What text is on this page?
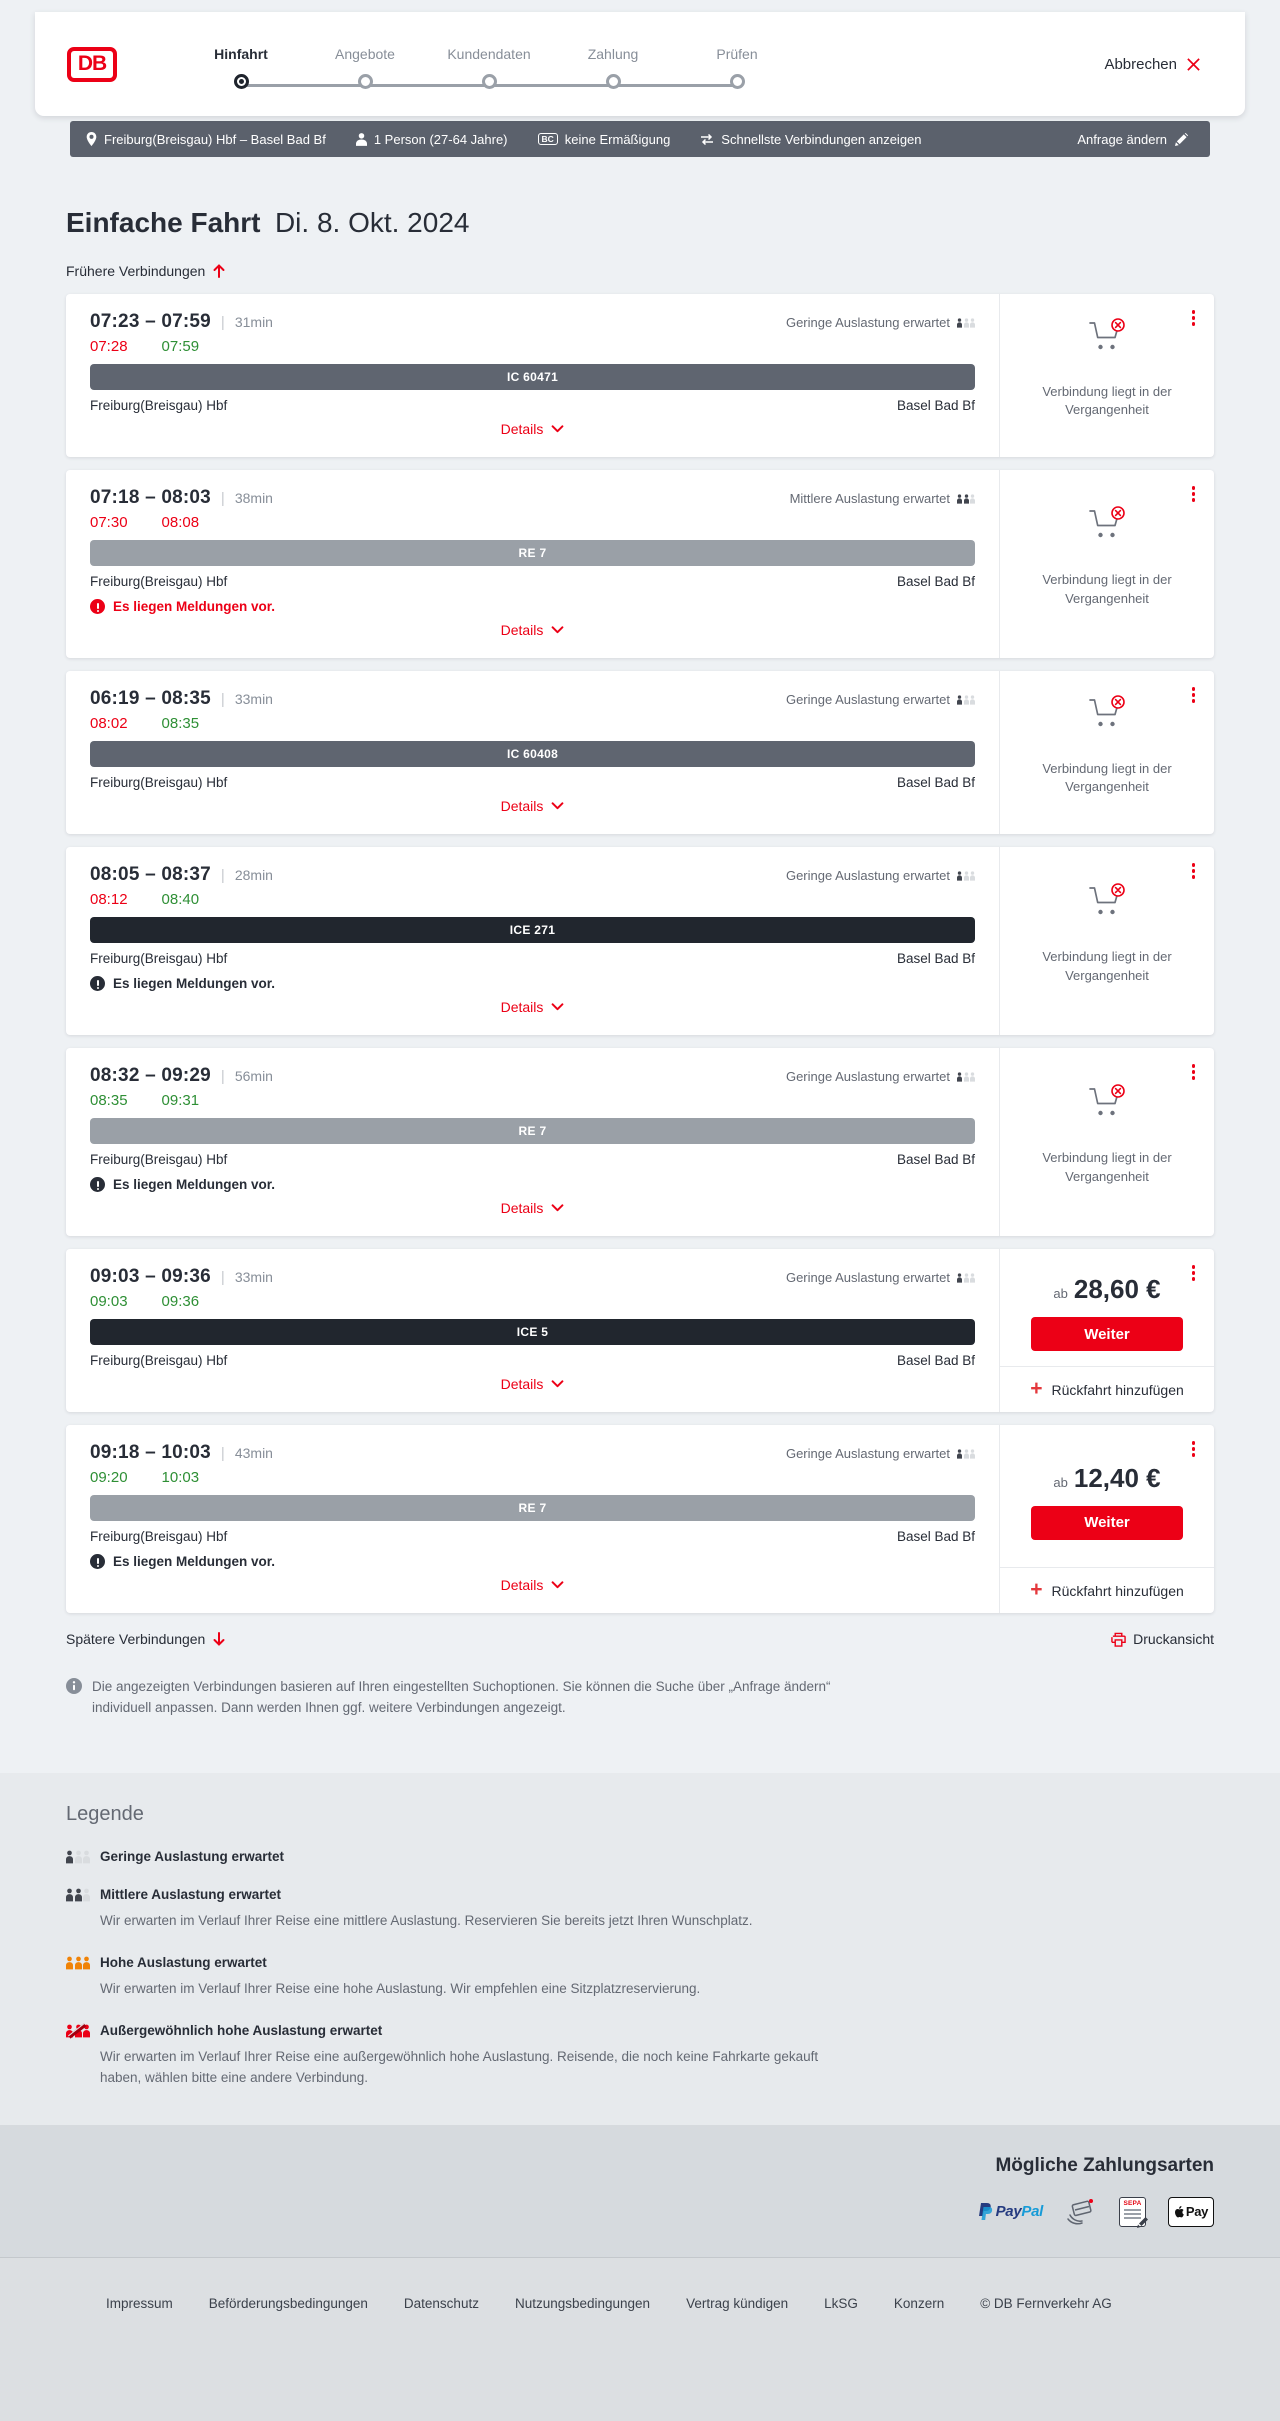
DB	Hinfahrt	Angebote	Kundendaten	Zahlung	Prüfen
Abbrechen
Freiburg(Breisgau) Hbf – Basel Bad Bf	1 Person (27-64 Jahre)	BC keine Ermäßigung	Schnellste Verbindungen anzeigen	Anfrage ändern
Einfache Fahrt Di. 8. Okt. 2024
Frühere Verbindungen
07:23 – 07:59 | 31min	Geringe Auslastung erwartet
07:28 07:59
IC 60471
Freiburg(Breisgau) Hbf	Basel Bad Bf
Details

Verbindung liegt in der Vergangenheit

07:18 – 08:03 | 38min	Mittlere Auslastung erwartet
07:30 08:08
RE 7
Freiburg(Breisgau) Hbf	Basel Bad Bf
Es liegen Meldungen vor.
Details

Verbindung liegt in der Vergangenheit

06:19 – 08:35 | 33min	Geringe Auslastung erwartet
08:02 08:35
IC 60408
Freiburg(Breisgau) Hbf	Basel Bad Bf
Details

Verbindung liegt in der Vergangenheit

08:05 – 08:37 | 28min	Geringe Auslastung erwartet
08:12 08:40
ICE 271
Freiburg(Breisgau) Hbf	Basel Bad Bf
Es liegen Meldungen vor.
Details

Verbindung liegt in der Vergangenheit

08:32 – 09:29 | 56min	Geringe Auslastung erwartet
08:35 09:31
RE 7
Freiburg(Breisgau) Hbf	Basel Bad Bf
Es liegen Meldungen vor.
Details

Verbindung liegt in der Vergangenheit

09:03 – 09:36 | 33min	Geringe Auslastung erwartet
09:03 09:36
ICE 5
Freiburg(Breisgau) Hbf	Basel Bad Bf
Details
ab 28,60 €
Weiter
+ Rückfahrt hinzufügen
09:18 – 10:03 | 43min	Geringe Auslastung erwartet
09:20 10:03
RE 7
Freiburg(Breisgau) Hbf	Basel Bad Bf
Es liegen Meldungen vor.
Details
ab 12,40 €
Weiter
+ Rückfahrt hinzufügen
Spätere Verbindungen	Druckansicht

Die angezeigten Verbindungen basieren auf Ihren eingestellten Suchoptionen. Sie können die Suche über „Anfrage ändern“ individuell anpassen. Dann werden Ihnen ggf. weitere Verbindungen angezeigt.

Legende
Geringe Auslastung erwartet
Mittlere Auslastung erwartet
Wir erwarten im Verlauf Ihrer Reise eine mittlere Auslastung. Reservieren Sie bereits jetzt Ihren Wunschplatz.
Hohe Auslastung erwartet
Wir erwarten im Verlauf Ihrer Reise eine hohe Auslastung. Wir empfehlen eine Sitzplatzreservierung.
Außergewöhnlich hohe Auslastung erwartet
Wir erwarten im Verlauf Ihrer Reise eine außergewöhnlich hohe Auslastung. Reisende, die noch keine Fahrkarte gekauft haben, wählen bitte eine andere Verbindung.
Mögliche Zahlungsarten
PayPal	SEPA
Pay
Impressum	Beförderungsbedingungen	Datenschutz	Nutzungsbedingungen	Vertrag kündigen	LkSG	Konzern	© DB Fernverkehr AG
